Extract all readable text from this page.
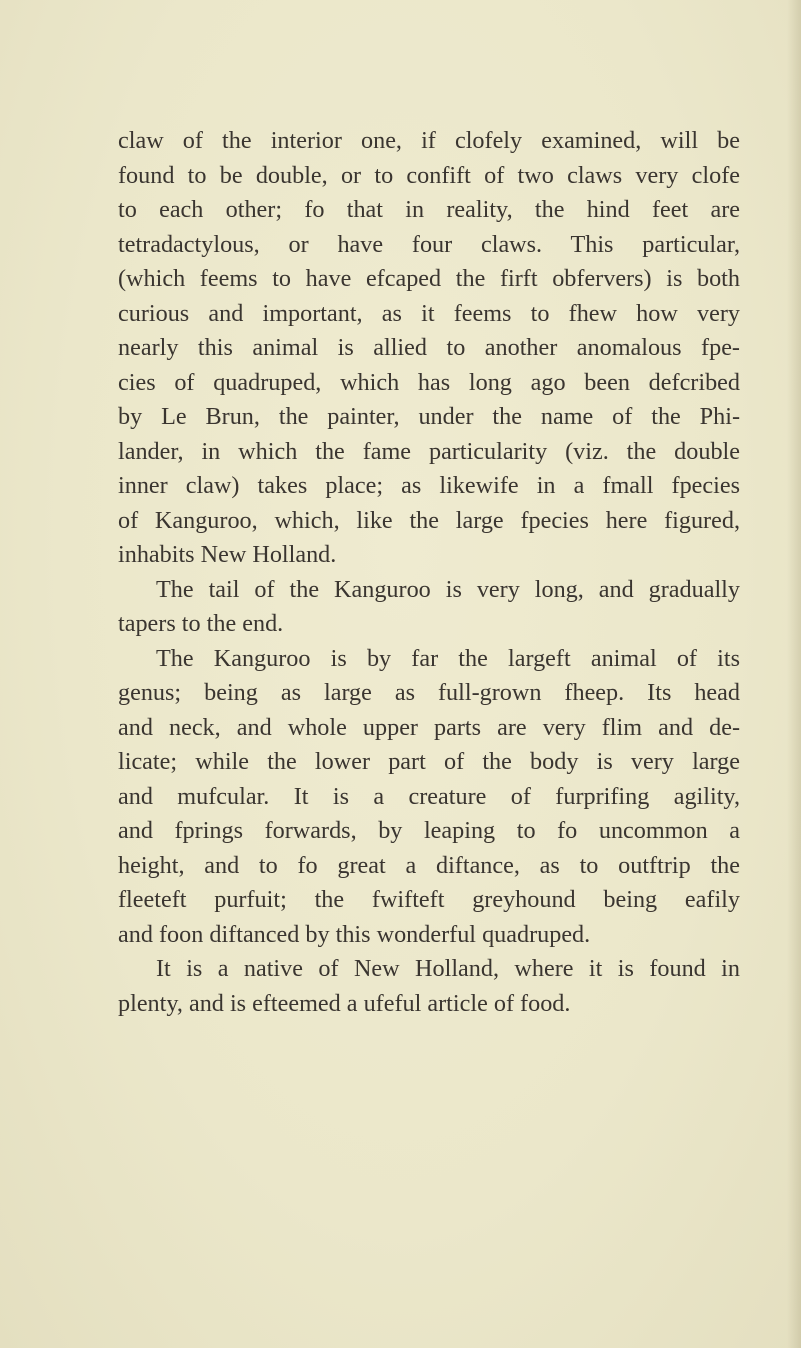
claw of the interior one, if clofely examined, will be
found to be double, or to confift of two claws very clofe
to each other; fo that in reality, the hind feet are
tetradactylous, or have four claws. This particular,
(which feems to have efcaped the firft obfervers) is both
curious and important, as it feems to fhew how very
nearly this animal is allied to another anomalous fpe-
cies of quadruped, which has long ago been defcribed
by Le Brun, the painter, under the name of the Phi-
lander, in which the fame particularity (viz. the double
inner claw) takes place; as likewife in a fmall fpecies
of Kanguroo, which, like the large fpecies here figured,
inhabits New Holland.
The tail of the Kanguroo is very long, and gradually
tapers to the end.
The Kanguroo is by far the largeft animal of its
genus; being as large as full-grown fheep. Its head
and neck, and whole upper parts are very flim and de-
licate; while the lower part of the body is very large
and mufcular. It is a creature of furprifing agility,
and fprings forwards, by leaping to fo uncommon a
height, and to fo great a diftance, as to outftrip the
fleeteft purfuit; the fwifteft greyhound being eafily
and foon diftanced by this wonderful quadruped.
It is a native of New Holland, where it is found in
plenty, and is efteemed a ufeful article of food.
